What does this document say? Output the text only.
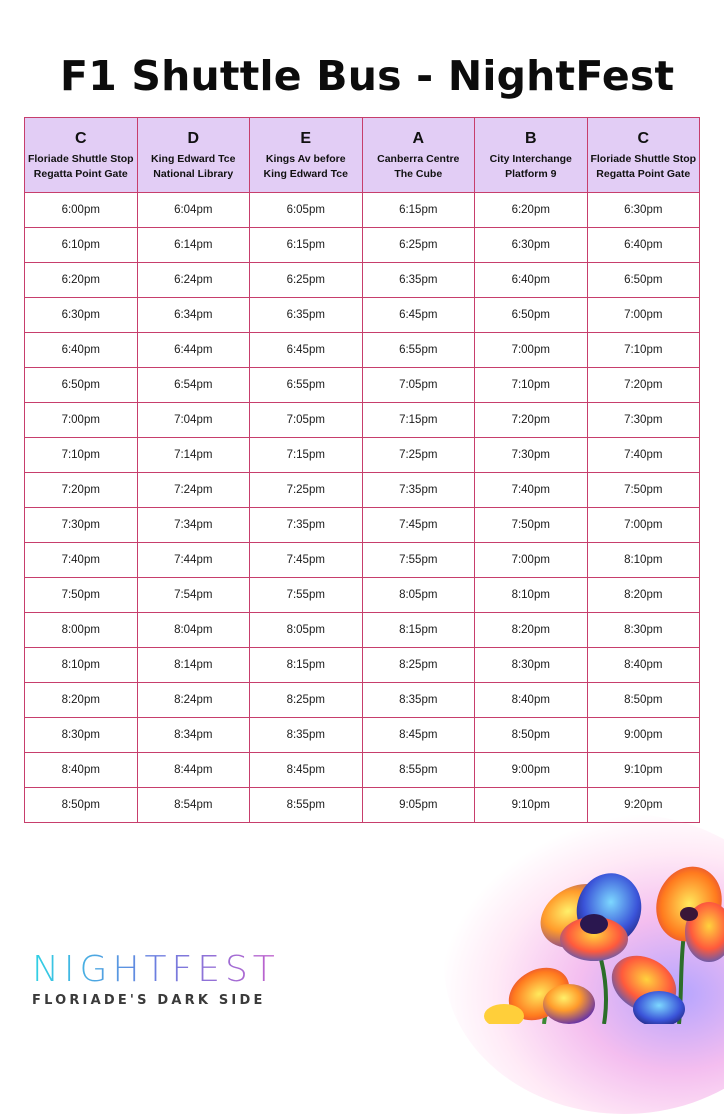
F1 Shuttle Bus - NightFest
C
Floriade Shuttle Stop
Regatta Point Gate	D
King Edward Tce
National Library	E
Kings Av before
King Edward Tce	A
Canberra Centre
The Cube	B
City Interchange
Platform 9	C
Floriade Shuttle Stop
Regatta Point Gate

6:00pm	6:04pm	6:05pm	6:15pm	6:20pm	6:30pm
6:10pm	6:14pm	6:15pm	6:25pm	6:30pm	6:40pm
6:20pm	6:24pm	6:25pm	6:35pm	6:40pm	6:50pm
6:30pm	6:34pm	6:35pm	6:45pm	6:50pm	7:00pm
6:40pm	6:44pm	6:45pm	6:55pm	7:00pm	7:10pm
6:50pm	6:54pm	6:55pm	7:05pm	7:10pm	7:20pm
7:00pm	7:04pm	7:05pm	7:15pm	7:20pm	7:30pm
7:10pm	7:14pm	7:15pm	7:25pm	7:30pm	7:40pm
7:20pm	7:24pm	7:25pm	7:35pm	7:40pm	7:50pm
7:30pm	7:34pm	7:35pm	7:45pm	7:50pm	7:00pm
7:40pm	7:44pm	7:45pm	7:55pm	7:00pm	8:10pm
7:50pm	7:54pm	7:55pm	8:05pm	8:10pm	8:20pm
8:00pm	8:04pm	8:05pm	8:15pm	8:20pm	8:30pm
8:10pm	8:14pm	8:15pm	8:25pm	8:30pm	8:40pm
8:20pm	8:24pm	8:25pm	8:35pm	8:40pm	8:50pm
8:30pm	8:34pm	8:35pm	8:45pm	8:50pm	9:00pm
8:40pm	8:44pm	8:45pm	8:55pm	9:00pm	9:10pm
8:50pm	8:54pm	8:55pm	9:05pm	9:10pm	9:20pm
NIGHTFEST
FLORIADE'S DARK SIDE
